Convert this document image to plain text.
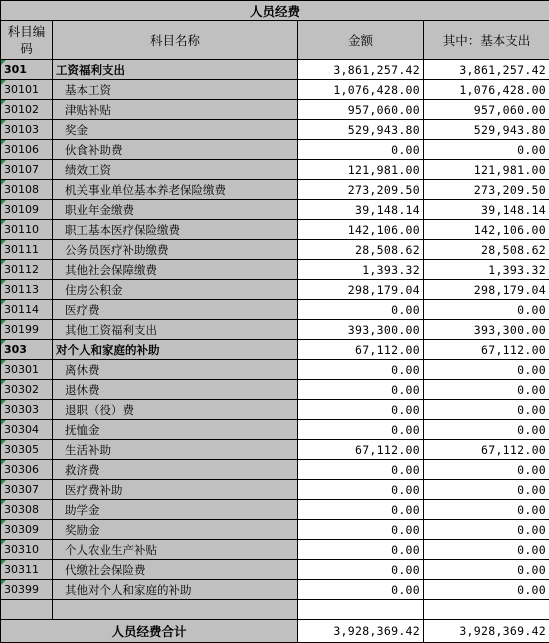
人员经费			
科目编码	科目名称	金额	其中：基本支出
301	工资福利支出	3,861,257.42	3,861,257.42
30101	基本工资	1,076,428.00	1,076,428.00
30102	津贴补贴	957,060.00	957,060.00
30103	奖金	529,943.80	529,943.80
30106	伙食补助费	0.00	0.00
30107	绩效工资	121,981.00	121,981.00
30108	机关事业单位基本养老保险缴费	273,209.50	273,209.50
30109	职业年金缴费	39,148.14	39,148.14
30110	职工基本医疗保险缴费	142,106.00	142,106.00
30111	公务员医疗补助缴费	28,508.62	28,508.62
30112	其他社会保障缴费	1,393.32	1,393.32
30113	住房公积金	298,179.04	298,179.04
30114	医疗费	0.00	0.00
30199	其他工资福利支出	393,300.00	393,300.00
303	对个人和家庭的补助	67,112.00	67,112.00
30301	离休费	0.00	0.00
30302	退休费	0.00	0.00
30303	退职（役）费	0.00	0.00
30304	抚恤金	0.00	0.00
30305	生活补助	67,112.00	67,112.00
30306	救济费	0.00	0.00
30307	医疗费补助	0.00	0.00
30308	助学金	0.00	0.00
30309	奖励金	0.00	0.00
30310	个人农业生产补贴	0.00	0.00
30311	代缴社会保险费	0.00	0.00
30399	其他对个人和家庭的补助	0.00	0.00

人员经费合计		3,928,369.42	3,928,369.42
